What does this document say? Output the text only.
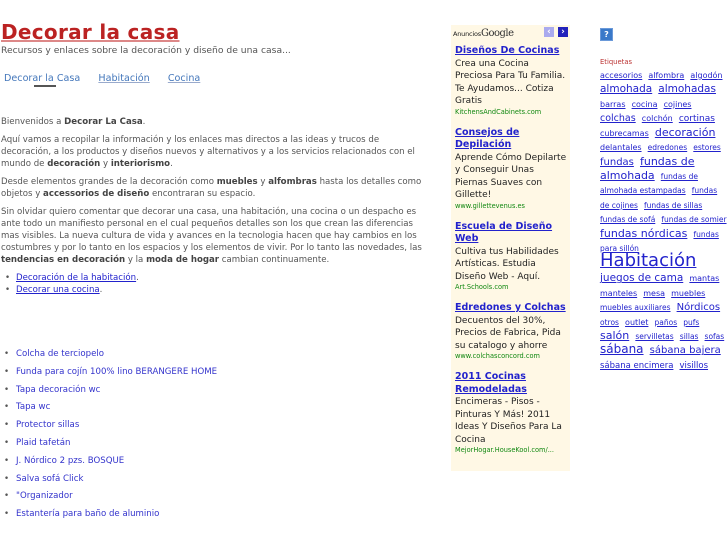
Decorar la casa
Recursos y enlaces sobre la decoración y diseño de una casa...
Decorar la Casa Habitación Cocina

Bienvenidos a Decorar La Casa.

Aquí vamos a recopilar la información y los enlaces mas directos a las ideas y trucos de decoración, a los productos y diseños nuevos y alternativos y a los servicios relacionados con el mundo de decoración y interiorismo.

Desde elementos grandes de la decoración como muebles y alfombras hasta los detalles como objetos y accessorios de diseño encontraran su espacio.

Sin olvidar quiero comentar que decorar una casa, una habitación, una cocina o un despacho es ante todo un manifiesto personal en el cual pequeños detalles son los que crean las diferencias mas visibles. La nueva cultura de vida y avances en la tecnologia hacen que hay cambios en los costumbres y por lo tanto en los espacios y los elementos de vivir. Por lo tanto las novedades, las tendencias en decoración y la moda de hogar cambian continuamente.

• Decoración de la habitación.
• Decorar una cocina.
• Colcha de terciopelo
• Funda para cojín 100% lino BERANGERE HOME
• Tapa decoración wc
• Tapa wc
• Protector sillas
• Plaid tafetán
• J. Nórdico 2 pzs. BOSQUE
• Salva sofá Click
• "Organizador
• Estantería para baño de aluminio
AnunciosGoogle	‹	›
Diseños De Cocinas
Crea una Cocina Preciosa Para Tu Familia. Te Ayudamos... Cotiza Gratis
KitchensAndCabinets.com
Consejos de Depilación
Aprende Cómo Depilarte y Conseguir Unas Piernas Suaves con Gillette!
www.gillettevenus.es
Escuela de Diseño Web
Cultiva tus Habilidades Artísticas. Estudia Diseño Web - Aquí.
Art.Schools.com
Edredones y Colchas
Decuentos del 30%, Precios de Fabrica, Pida su catalogo y ahorre
www.colchasconcord.com
2011 Cocinas Remodeladas
Encimeras - Pisos - Pinturas Y Más! 2011 Ideas Y Diseños Para La Cocina
MejorHogar.HouseKool.com/...
?
Etiquetas
accesorios alfombra algodón almohada almohadas barras cocina cojines colchas colchón cortinas cubrecamas decoración delantales edredones estores fundas fundas de almohada fundas de almohada estampadas fundas de cojines fundas de sillas fundas de sofá fundas de somier fundas nórdicas fundas para sillón Habitación juegos de cama mantas manteles mesa muebles muebles auxiliares Nórdicos otros outlet paños pufs salón servilletas sillas sofas sábana sábana bajera sábana encimera visillos
